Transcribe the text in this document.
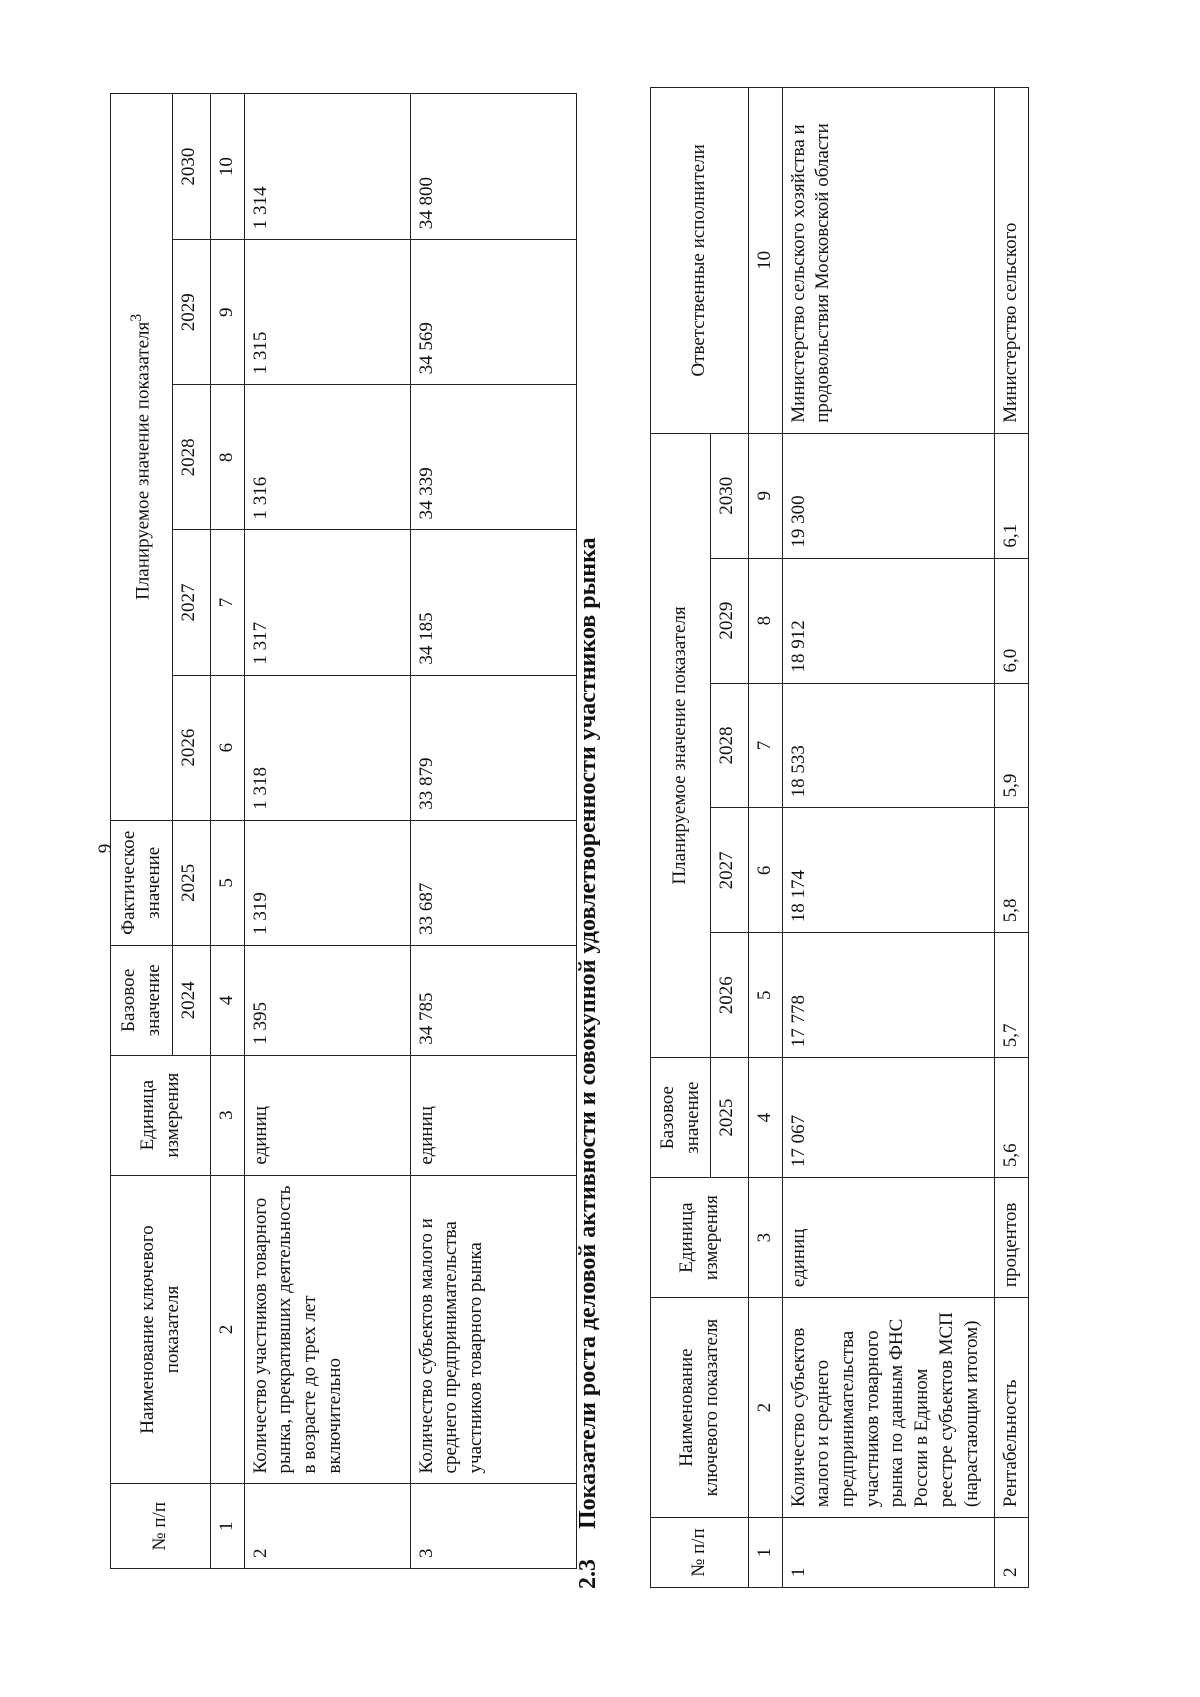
9
№ п/п	Наименование ключевого показателя	Единица измерения	Базовое значение	Фактическое значение	Планируемое значение показателя$^3$
			2024	2025	2026	2027	2028	2029	2030
1	2	3	4	5	6	7	8	9	10
2	Количество участников товарного рынка, прекративших деятельность в возрасте до трех лет включительно	единиц	1 395	1 319	1 318	1 317	1 316	1 315	1 314
3	Количество субъектов малого и среднего предпринимательства участников товарного рынка	единиц	34 785	33 687	33 879	34 185	34 339	34 569	34 800
2.3Показатели роста деловой активности и совокупной удовлетворенности участников рынка
№ п/п	Наименование ключевого показателя	Единица измерения	Базовое значение	Планируемое значение показателя					Ответственные исполнители
			2025	2026	2027	2028	2029	2030	
1	2	3	4	5	6	7	8	9	10
1	Количество субъектов малого и среднего предпринимательства участников товарного рынка по данным ФНС России в Едином реестре субъектов МСП (нарастающим итогом)	единиц	17 067	17 778	18 174	18 533	18 912	19 300	Министерство сельского хозяйства и продовольствия Московской области
2	Рентабельность	процентов	5,6	5,7	5,8	5,9	6,0	6,1	Министерство сельского
